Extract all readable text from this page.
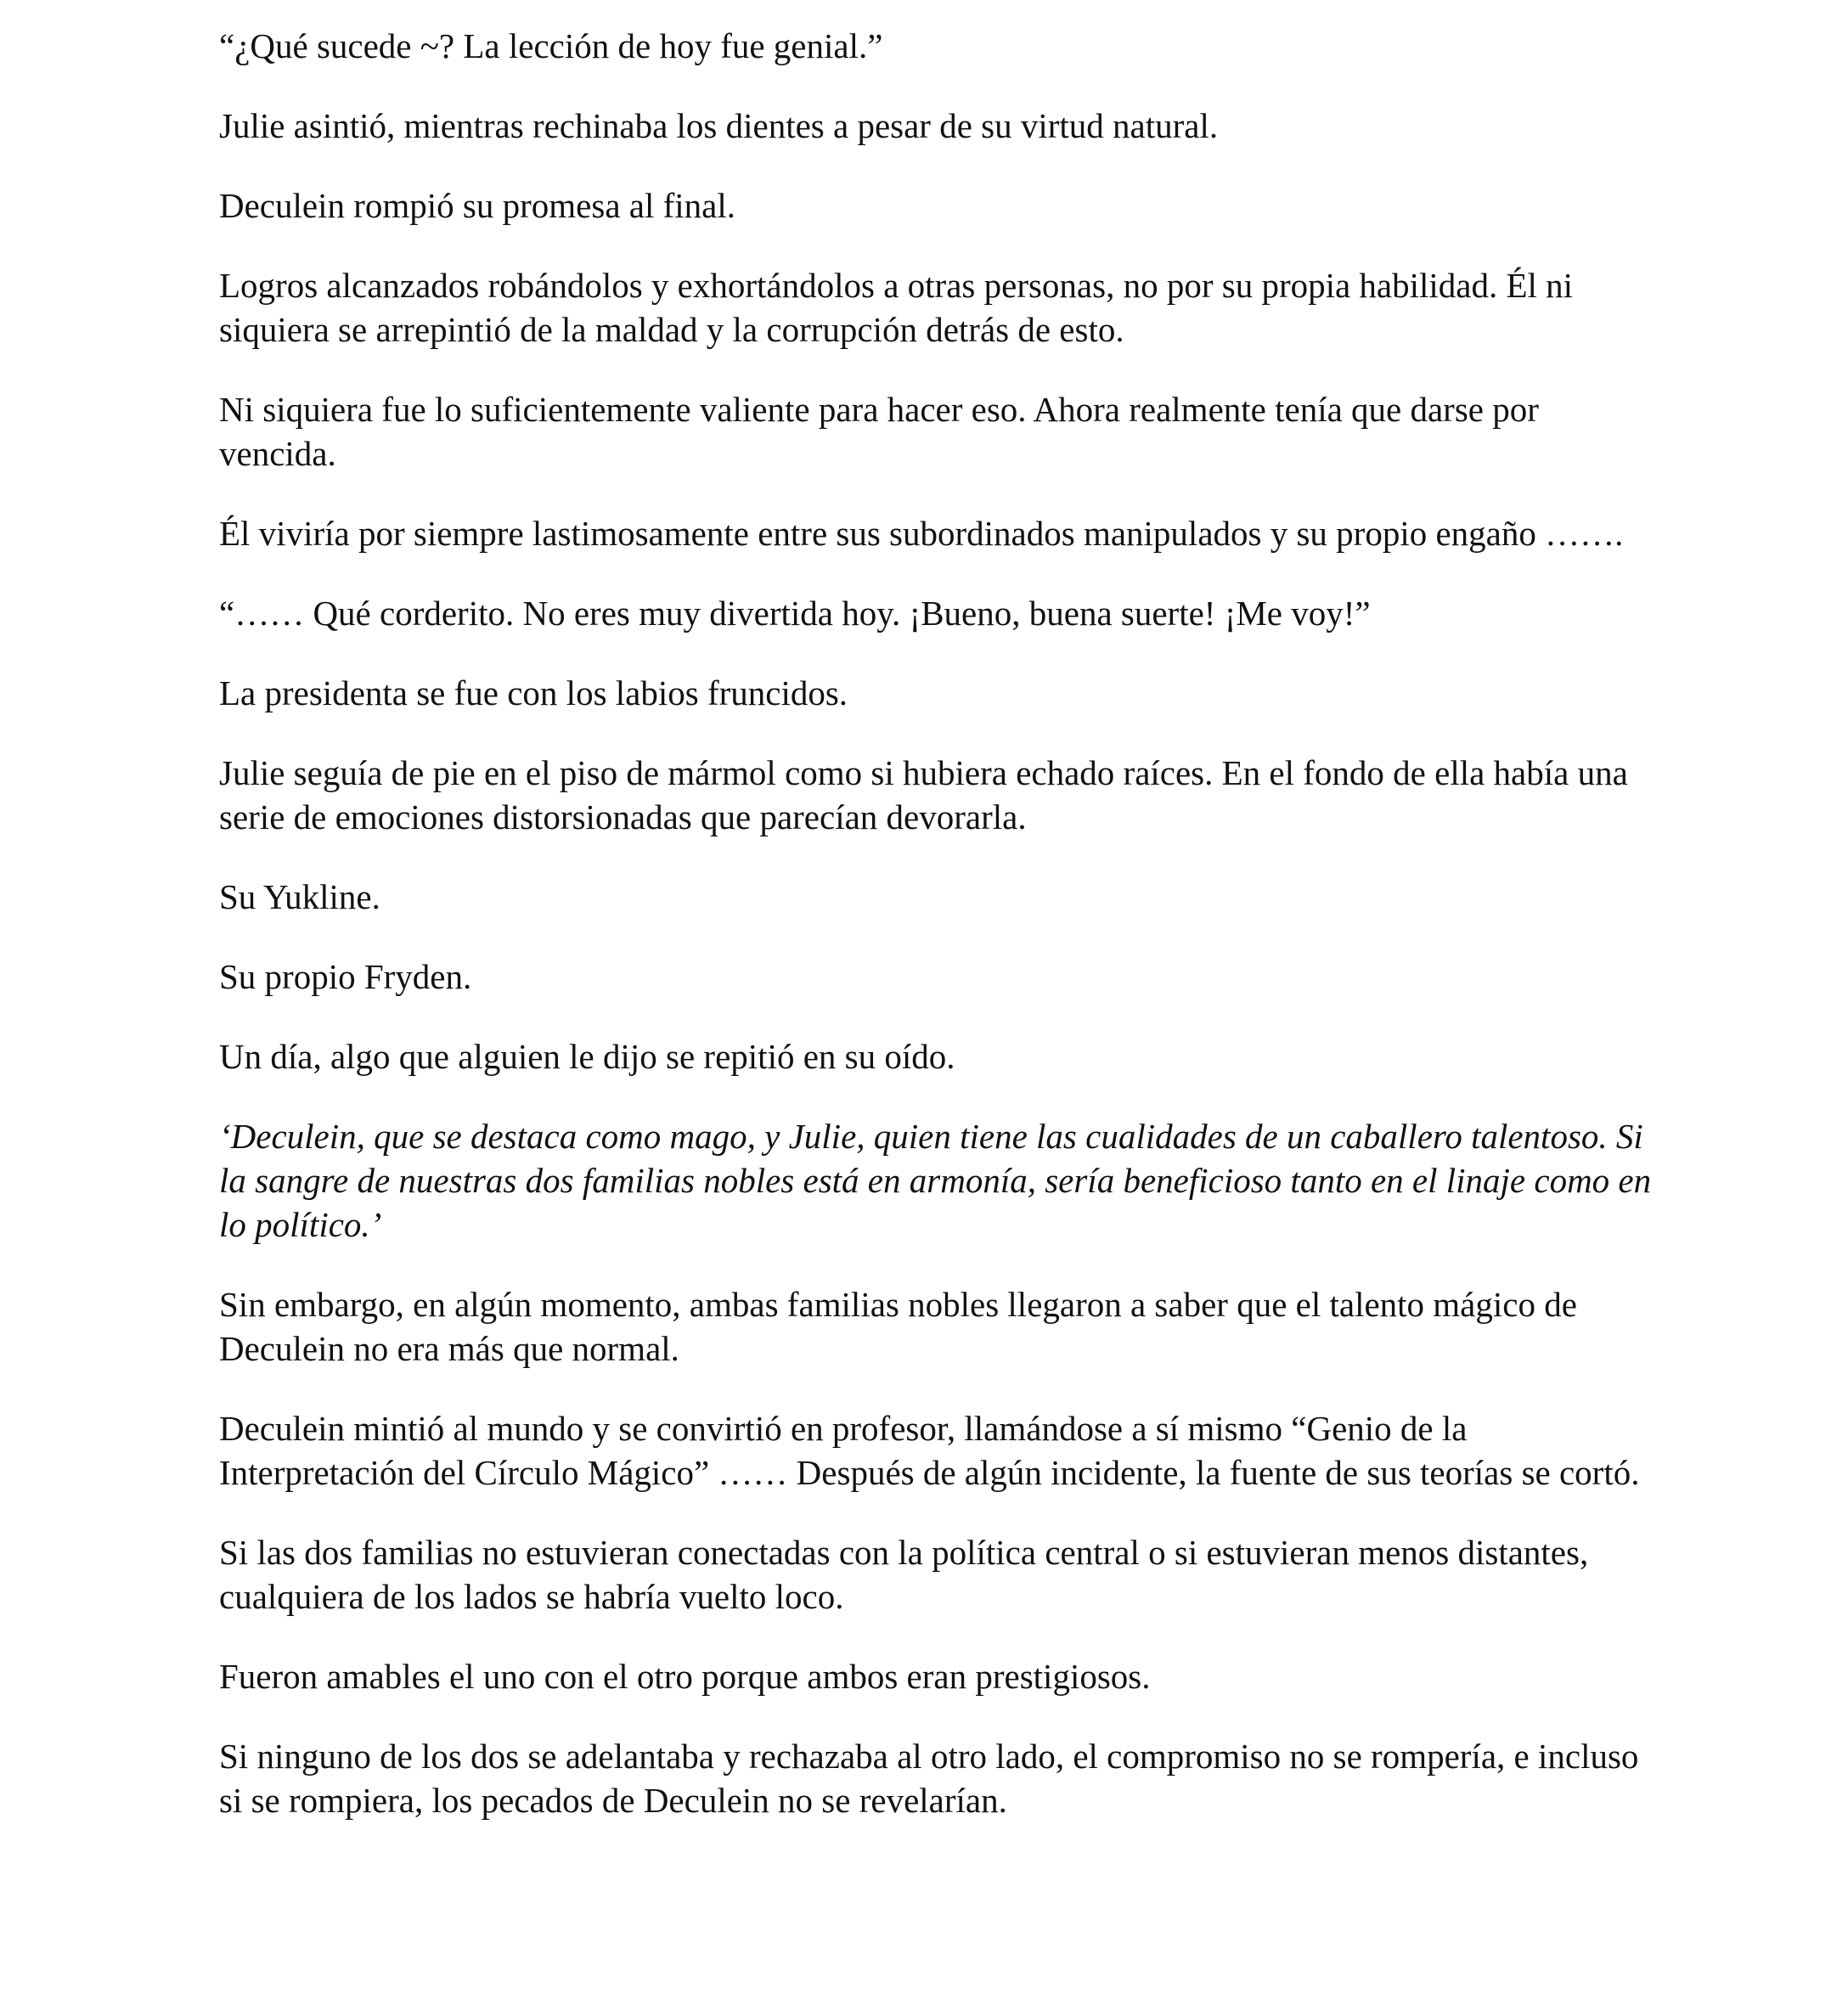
“¿Qué sucede ~? La lección de hoy fue genial.”

Julie asintió, mientras rechinaba los dientes a pesar de su virtud natural.

Deculein rompió su promesa al final.

Logros alcanzados robándolos y exhortándolos a otras personas, no por su propia habilidad. Él ni siquiera se arrepintió de la maldad y la corrupción detrás de esto.

Ni siquiera fue lo suficientemente valiente para hacer eso. Ahora realmente tenía que darse por vencida.

Él viviría por siempre lastimosamente entre sus subordinados manipulados y su propio engaño …….

“…… Qué corderito. No eres muy divertida hoy. ¡Bueno, buena suerte! ¡Me voy!”

La presidenta se fue con los labios fruncidos.

Julie seguía de pie en el piso de mármol como si hubiera echado raíces. En el fondo de ella había una serie de emociones distorsionadas que parecían devorarla.

Su Yukline.

Su propio Fryden.

Un día, algo que alguien le dijo se repitió en su oído.

‘Deculein, que se destaca como mago, y Julie, quien tiene las cualidades de un caballero talentoso. Si la sangre de nuestras dos familias nobles está en armonía, sería beneficioso tanto en el linaje como en lo político.’

Sin embargo, en algún momento, ambas familias nobles llegaron a saber que el talento mágico de Deculein no era más que normal.

Deculein mintió al mundo y se convirtió en profesor, llamándose a sí mismo “Genio de la Interpretación del Círculo Mágico” …… Después de algún incidente, la fuente de sus teorías se cortó.

Si las dos familias no estuvieran conectadas con la política central o si estuvieran menos distantes, cualquiera de los lados se habría vuelto loco.

Fueron amables el uno con el otro porque ambos eran prestigiosos.

Si ninguno de los dos se adelantaba y rechazaba al otro lado, el compromiso no se rompería, e incluso si se rompiera, los pecados de Deculein no se revelarían.
